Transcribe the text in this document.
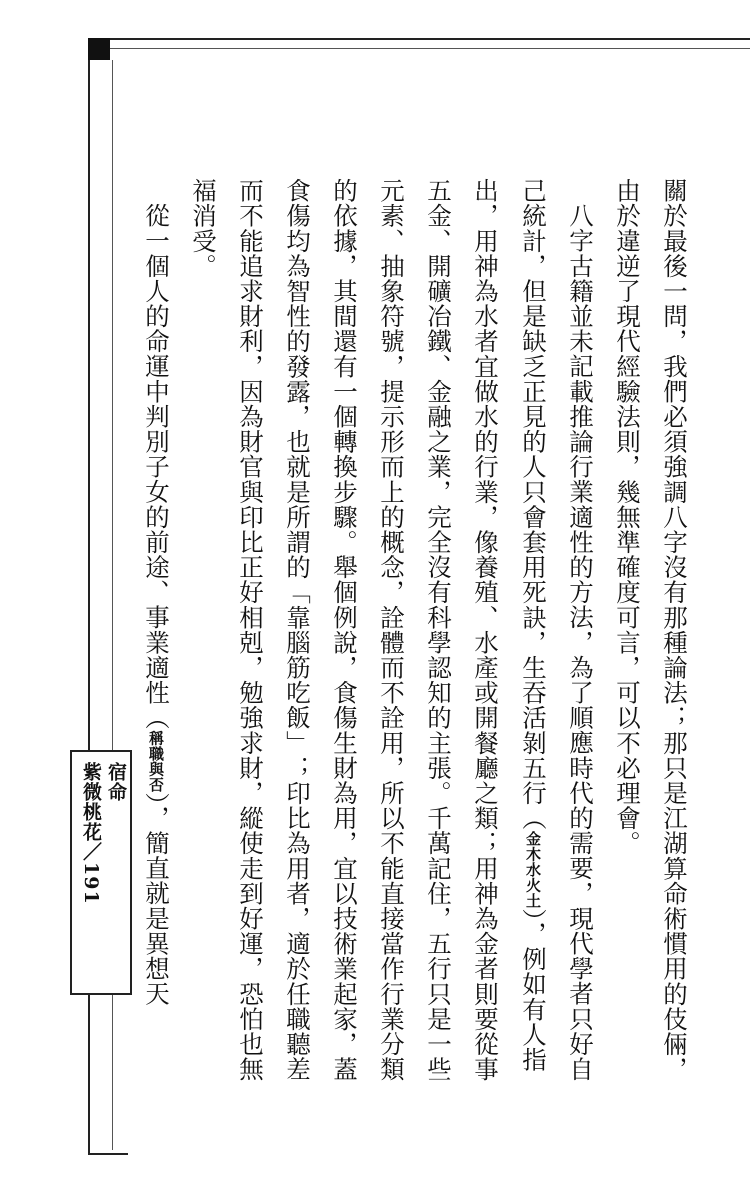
宿命
紫微桃花／191	關於最後一問，我們必須強調八字沒有那種論法；那只是江湖算命術慣用的伎倆，由於違逆了現代經驗法則，幾無準確度可言，可以不必理會。

八字古籍並未記載推論行業適性的方法，為了順應時代的需要，現代學者只好自己統計，但是缺乏正見的人只會套用死訣，生吞活剝五行（金木水火土），例如有人指出，用神為水者宜做水的行業，像養殖、水產或開餐廳之類；用神為金者則要從事五金、開礦冶鐵、金融之業，完全沒有科學認知的主張。千萬記住，五行只是一些元素、抽象符號，提示形而上的概念，詮體而不詮用，所以不能直接當作行業分類的依據，其間還有一個轉換步驟。舉個例說，食傷生財為用，宜以技術業起家，蓋食傷均為智性的發露，也就是所謂的「靠腦筋吃飯」；印比為用者，適於任職聽差而不能追求財利，因為財官與印比正好相剋，勉強求財，縱使走到好運，恐怕也無福消受。

從一個人的命運中判別子女的前途、事業適性（稱職與否），簡直就是異想天
